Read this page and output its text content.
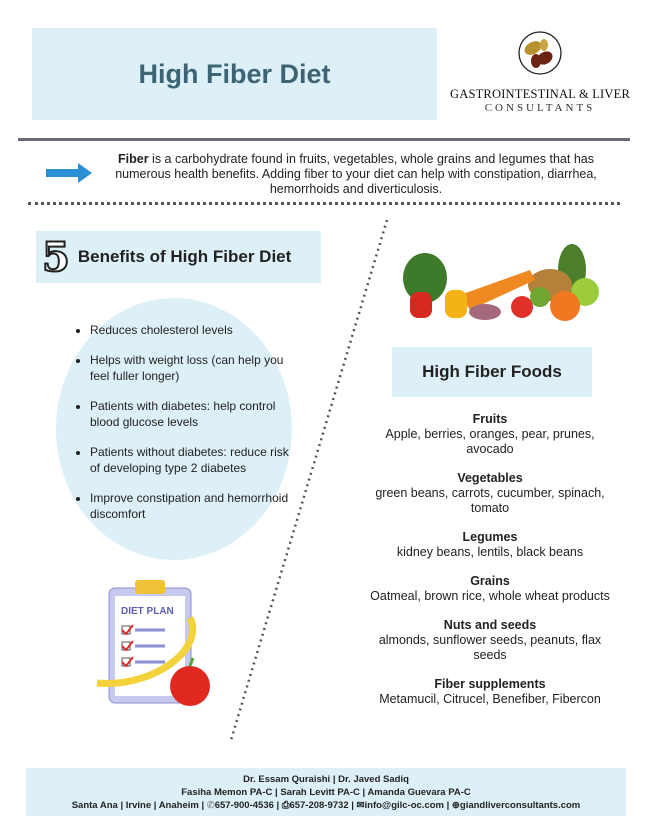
High Fiber Diet
GASTROINTESTINAL & LIVER
CONSULTANTS

Fiber is a carbohydrate found in fruits, vegetables, whole grains and legumes that has numerous health benefits. Adding fiber to your diet can help with constipation, diarrhea, hemorrhoids and diverticulosis.

5 Benefits of High Fiber Diet
• Reduces cholesterol levels
• Helps with weight loss (can help you feel fuller longer)
• Patients with diabetes: help control blood glucose levels
• Patients without diabetes: reduce risk of developing type 2 diabetes
• Improve constipation and hemorrhoid discomfort
DIET PLAN
High Fiber Foods
Fruits
Apple, berries, oranges, pear, prunes, avocado
Vegetables
green beans, carrots, cucumber, spinach, tomato
Legumes
kidney beans, lentils, black beans
Grains
Oatmeal, brown rice, whole wheat products
Nuts and seeds
almonds, sunflower seeds, peanuts, flax seeds
Fiber supplements
Metamucil, Citrucel, Benefiber, Fibercon
Dr. Essam Quraishi | Dr. Javed Sadiq
Fasiha Memon PA-C | Sarah Levitt PA-C | Amanda Guevara PA-C
Santa Ana | Irvine | Anaheim | ✆657-900-4536 | ⎙657-208-9732 | ✉info@gilc-oc.com | ⊕giandliverconsultants.com
